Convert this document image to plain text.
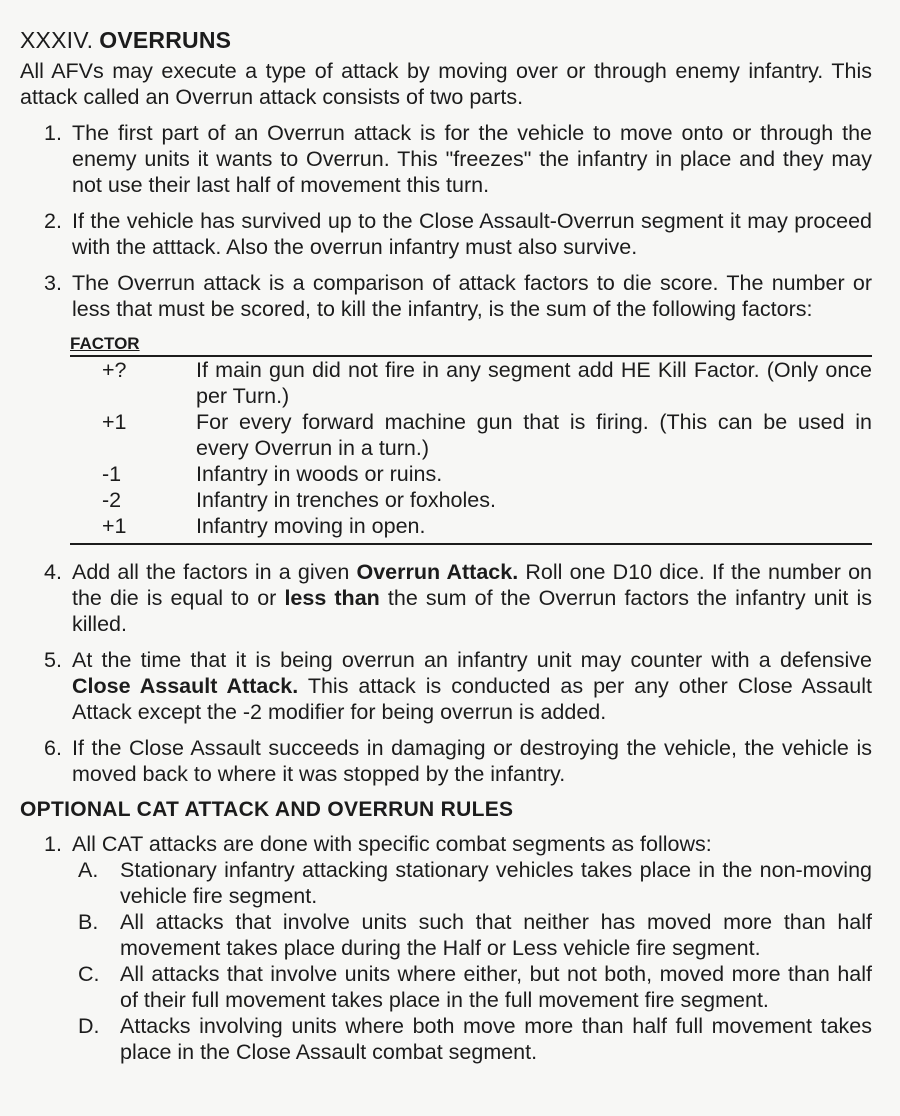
XXXIV. OVERRUNS

All AFVs may execute a type of attack by moving over or through enemy infantry. This attack called an Overrun attack consists of two parts.

1. The first part of an Overrun attack is for the vehicle to move onto or through the enemy units it wants to Overrun. This "freezes" the infantry in place and they may not use their last half of movement this turn.
2. If the vehicle has survived up to the Close Assault-Overrun segment it may proceed with the atttack. Also the overrun infantry must also survive.
3. The Overrun attack is a comparison of attack factors to die score. The number or less that must be scored, to kill the infantry, is the sum of the following factors:
FACTOR
+?	If main gun did not fire in any segment add HE Kill Factor. (Only once per Turn.)
+1	For every forward machine gun that is firing. (This can be used in every Overrun in a turn.)
-1	Infantry in woods or ruins.
-2	Infantry in trenches or foxholes.
+1	Infantry moving in open.
4. Add all the factors in a given Overrun Attack. Roll one D10 dice. If the number on the die is equal to or less than the sum of the Overrun factors the infantry unit is killed.
5. At the time that it is being overrun an infantry unit may counter with a defensive Close Assault Attack. This attack is conducted as per any other Close Assault Attack except the -2 modifier for being overrun is added.
6. If the Close Assault succeeds in damaging or destroying the vehicle, the vehicle is moved back to where it was stopped by the infantry.
OPTIONAL CAT ATTACK AND OVERRUN RULES
1. All CAT attacks are done with specific combat segments as follows:
A. Stationary infantry attacking stationary vehicles takes place in the non-moving vehicle fire segment.
B. All attacks that involve units such that neither has moved more than half movement takes place during the Half or Less vehicle fire segment.
C. All attacks that involve units where either, but not both, moved more than half of their full movement takes place in the full movement fire segment.
D. Attacks involving units where both move more than half full movement takes place in the Close Assault combat segment.
